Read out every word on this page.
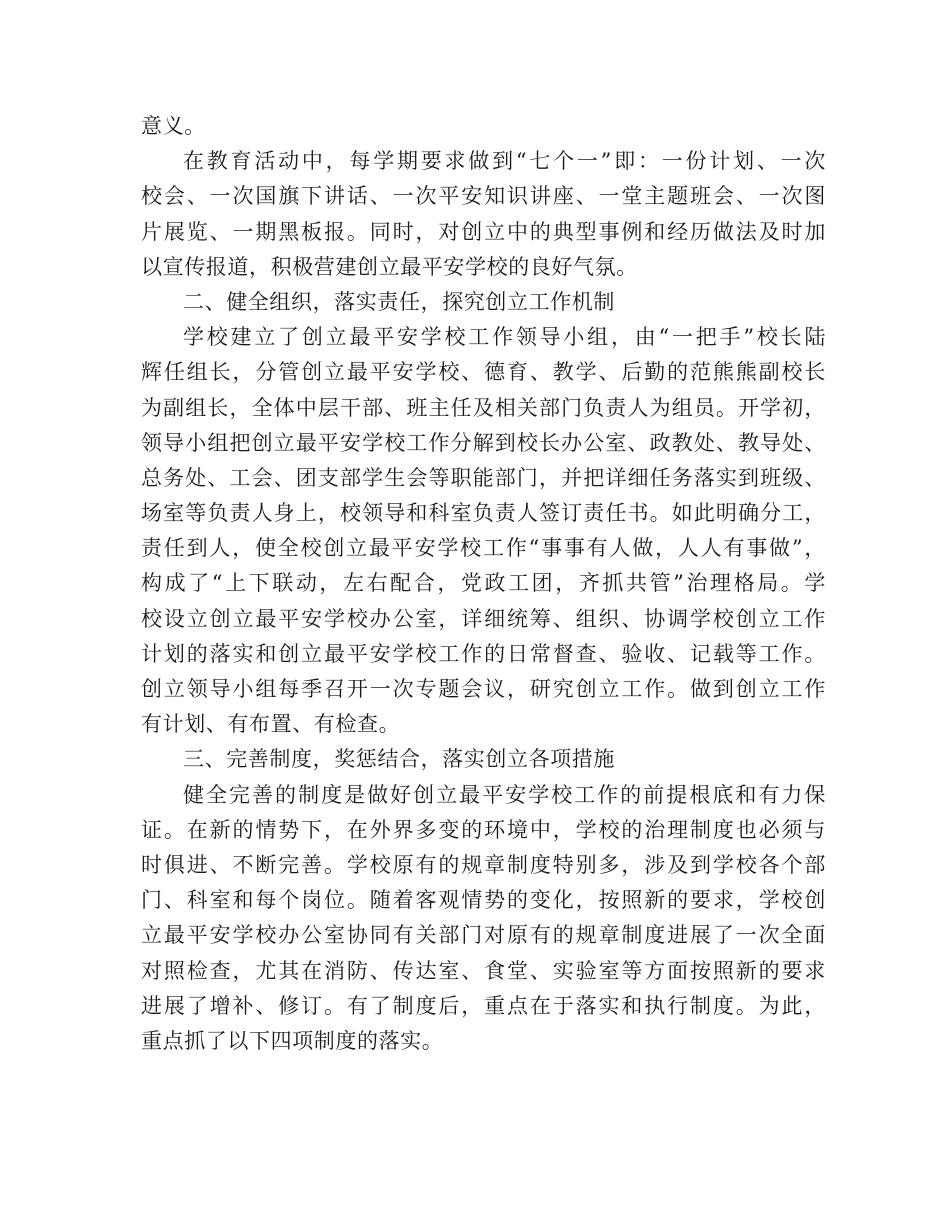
意义。
在教育活动中，每学期要求做到“七个一”即：一份计划、一次
校会、一次国旗下讲话、一次平安知识讲座、一堂主题班会、一次图
片展览、一期黑板报。同时，对创立中的典型事例和经历做法及时加
以宣传报道，积极营建创立最平安学校的良好气氛。
二、健全组织，落实责任，探究创立工作机制
学校建立了创立最平安学校工作领导小组，由“一把手”校长陆
辉任组长，分管创立最平安学校、德育、教学、后勤的范熊熊副校长
为副组长，全体中层干部、班主任及相关部门负责人为组员。开学初，
领导小组把创立最平安学校工作分解到校长办公室、政教处、教导处、
总务处、工会、团支部学生会等职能部门，并把详细任务落实到班级、
场室等负责人身上，校领导和科室负责人签订责任书。如此明确分工，
责任到人，使全校创立最平安学校工作“事事有人做，人人有事做”，
构成了“上下联动，左右配合，党政工团，齐抓共管”治理格局。学
校设立创立最平安学校办公室，详细统筹、组织、协调学校创立工作
计划的落实和创立最平安学校工作的日常督查、验收、记载等工作。
创立领导小组每季召开一次专题会议，研究创立工作。做到创立工作
有计划、有布置、有检查。
三、完善制度，奖惩结合，落实创立各项措施
健全完善的制度是做好创立最平安学校工作的前提根底和有力保
证。在新的情势下，在外界多变的环境中，学校的治理制度也必须与
时俱进、不断完善。学校原有的规章制度特别多，涉及到学校各个部
门、科室和每个岗位。随着客观情势的变化，按照新的要求，学校创
立最平安学校办公室协同有关部门对原有的规章制度进展了一次全面
对照检查，尤其在消防、传达室、食堂、实验室等方面按照新的要求
进展了增补、修订。有了制度后，重点在于落实和执行制度。为此，
重点抓了以下四项制度的落实。
